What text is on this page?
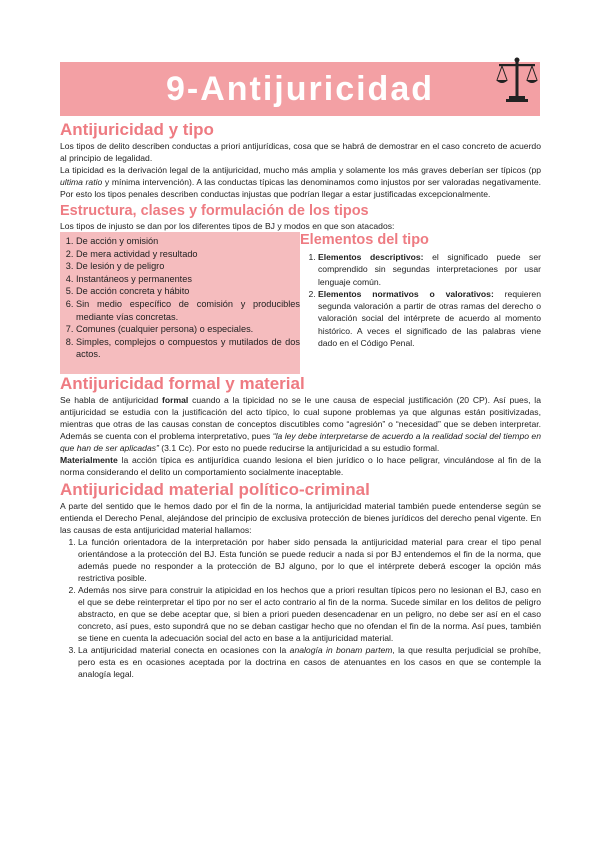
9-Antijuricidad
Antijuricidad y tipo

Los tipos de delito describen conductas a priori antijurídicas, cosa que se habrá de demostrar en el caso concreto de acuerdo al principio de legalidad.

La tipicidad es la derivación legal de la antijuricidad, mucho más amplia y solamente los más graves deberían ser típicos (pp ultima ratio y mínima intervención). A las conductas típicas las denominamos como injustos por ser valoradas negativamente. Por esto los tipos penales describen conductas injustas que podrían llegar a estar justificadas excepcionalmente.

Estructura, clases y formulación de los tipos

Los tipos de injusto se dan por los diferentes tipos de BJ y modos en que son atacados:

1. De acción y omisión
2. De mera actividad y resultado
3. De lesión y de peligro
4. Instantáneos y permanentes
5. De acción concreta y hábito
6. Sin medio específico de comisión y producibles mediante vías concretas.
7. Comunes (cualquier persona) o especiales.
8. Simples, complejos o compuestos y mutilados de dos actos.
Elementos del tipo
1. Elementos descriptivos: el significado puede ser comprendido sin segundas interpretaciones por usar lenguaje común.
2. Elementos normativos o valorativos: requieren segunda valoración a partir de otras ramas del derecho o valoración social del intérprete de acuerdo al momento histórico. A veces el significado de las palabras viene dado en el Código Penal.
Antijuricidad formal y material

Se habla de antijuricidad formal cuando a la tipicidad no se le une causa de especial justificación (20 CP). Así pues, la antijuricidad se estudia con la justificación del acto típico, lo cual supone problemas ya que algunas están positivizadas, mientras que otras de las causas constan de conceptos discutibles como “agresión” o “necesidad” que se deben interpretar. Además se cuenta con el problema interpretativo, pues “la ley debe interpretarse de acuerdo a la realidad social del tiempo en que han de ser aplicadas” (3.1 Cc). Por esto no puede reducirse la antijuricidad a su estudio formal.

Materialmente la acción típica es antijurídica cuando lesiona el bien jurídico o lo hace peligrar, vinculándose al fin de la norma considerando el delito un comportamiento socialmente inaceptable.

Antijuricidad material político-criminal

A parte del sentido que le hemos dado por el fin de la norma, la antijuricidad material también puede entenderse según se entienda el Derecho Penal, alejándose del principio de exclusiva protección de bienes jurídicos del derecho penal vigente. En las causas de esta antijuricidad material hallamos:

1. La función orientadora de la interpretación por haber sido pensada la antijuricidad material para crear el tipo penal orientándose a la protección del BJ. Esta función se puede reducir a nada si por BJ entendemos el fin de la norma, que además puede no responder a la protección de BJ alguno, por lo que el intérprete deberá escoger la opción más restrictiva posible.
2. Además nos sirve para construir la atipicidad en los hechos que a priori resultan típicos pero no lesionan el BJ, caso en el que se debe reinterpretar el tipo por no ser el acto contrario al fin de la norma. Sucede similar en los delitos de peligro abstracto, en que se debe aceptar que, si bien a priori pueden desencadenar en un peligro, no debe ser así en el caso concreto, así pues, esto supondrá que no se deban castigar hecho que no ofendan el fin de la norma. Así pues, también se tiene en cuenta la adecuación social del acto en base a la antijuricidad material.
3. La antijuricidad material conecta en ocasiones con la analogía in bonam partem, la que resulta perjudicial se prohíbe, pero esta es en ocasiones aceptada por la doctrina en casos de atenuantes en los casos en que se contemple la analogía legal.
